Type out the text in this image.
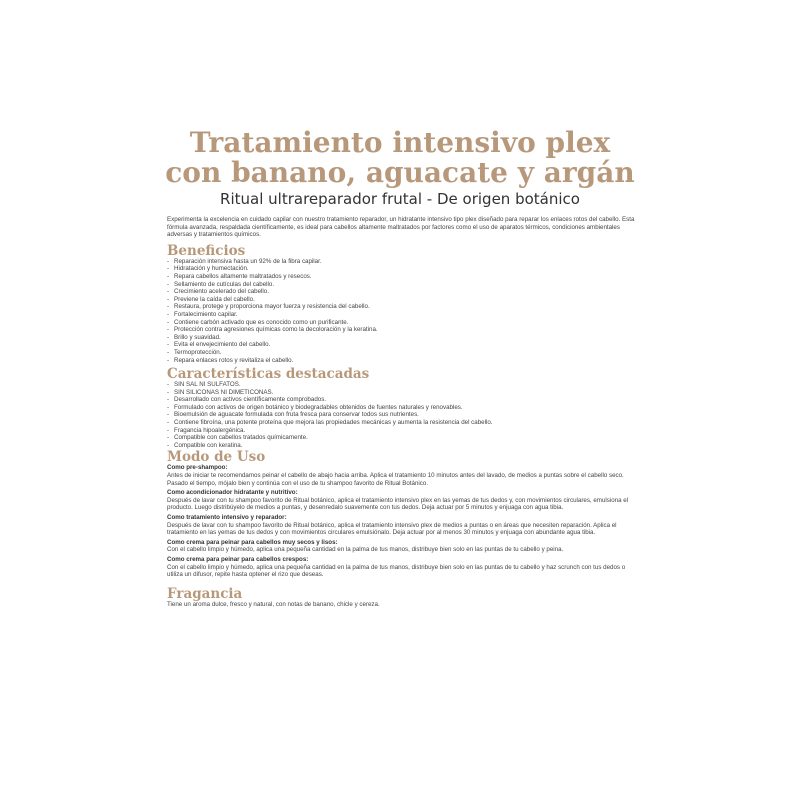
Tratamiento intensivo plex
con banano, aguacate y argán
Ritual ultrareparador frutal - De origen botánico

Experimenta la excelencia en cuidado capilar con nuestro tratamiento reparador, un hidratante intensivo tipo plex diseñado para reparar los enlaces rotos del cabello. Esta fórmula avanzada, respaldada científicamente, es ideal para cabellos altamente maltratados por factores como el uso de aparatos térmicos, condiciones ambientales adversas y tratamientos químicos.

Beneficios
- Reparación intensiva hasta un 92% de la fibra capilar.
- Hidratación y humectación.
- Repara cabellos altamente maltratados y resecos.
- Sellamiento de cutículas del cabello.
- Crecimiento acelerado del cabello.
- Previene la caída del cabello.
- Restaura, protege y proporciona mayor fuerza y resistencia del cabello.
- Fortalecimiento capilar.
- Contiene carbón activado que es conocido como un purificante.
- Protección contra agresiones químicas como la decoloración y la keratina.
- Brillo y suavidad.
- Evita el envejecimiento del cabello.
- Termoprotección.
- Repara enlaces rotos y revitaliza el cabello.
Características destacadas
- SIN SAL NI SULFATOS.
- SIN SILICONAS NI DIMETICONAS.
- Desarrollado con activos científicamente comprobados.
- Formulado con activos de origen botánico y biodegradables obtenidos de fuentes naturales y renovables.
- Bioemulsión de aguacate formulada con fruta fresca para conservar todos sus nutrientes.
- Contiene fibroína, una potente proteína que mejora las propiedades mecánicas y aumenta la resistencia del cabello.
- Fragancia hipoalergénica.
- Compatible con cabellos tratados químicamente.
- Compatible con keratina.
Modo de Uso
Como pre-shampoo:
Antes de iniciar te recomendamos peinar el cabello de abajo hacia arriba. Aplica el tratamiento 10 minutos antes del lavado, de medios a puntas sobre el cabello seco. Pasado el tiempo, mójalo bien y continúa con el uso de tu shampoo favorito de Ritual Botánico.
Como acondicionador hidratante y nutritivo:
Después de lavar con tu shampoo favorito de Ritual botánico, aplica el tratamiento intensivo plex en las yemas de tus dedos y, con movimientos circulares, emulsiona el producto. Luego distribúyelo de medios a puntas, y desenredalo suavemente con tus dedos. Deja actuar por 5 minutos y enjuaga con agua tibia.
Como tratamiento intensivo y reparador:
Después de lavar con tu shampoo favorito de Ritual botánico, aplica el tratamiento intensivo plex de medios a puntas o en áreas que necesiten reparación. Aplica el tratamiento en las yemas de tus dedos y con movimientos circulares emulsiónalo. Deja actuar por al menos 30 minutos y enjuaga con abundante agua tibia.
Como crema para peinar para cabellos muy secos y lisos:
Con el cabello limpio y húmedo, aplica una pequeña cantidad en la palma de tus manos, distribuye bien solo en las puntas de tu cabello y peina.
Como crema para peinar para cabellos crespos:
Con el cabello limpio y húmedo, aplica una pequeña cantidad en la palma de tus manos, distribuye bien solo en las puntas de tu cabello y haz scrunch con tus dedos o utiliza un difusor, repite hasta optener el rizo que deseas.
Fragancia
Tiene un aroma dulce, fresco y natural, con notas de banano, chicle y cereza.
